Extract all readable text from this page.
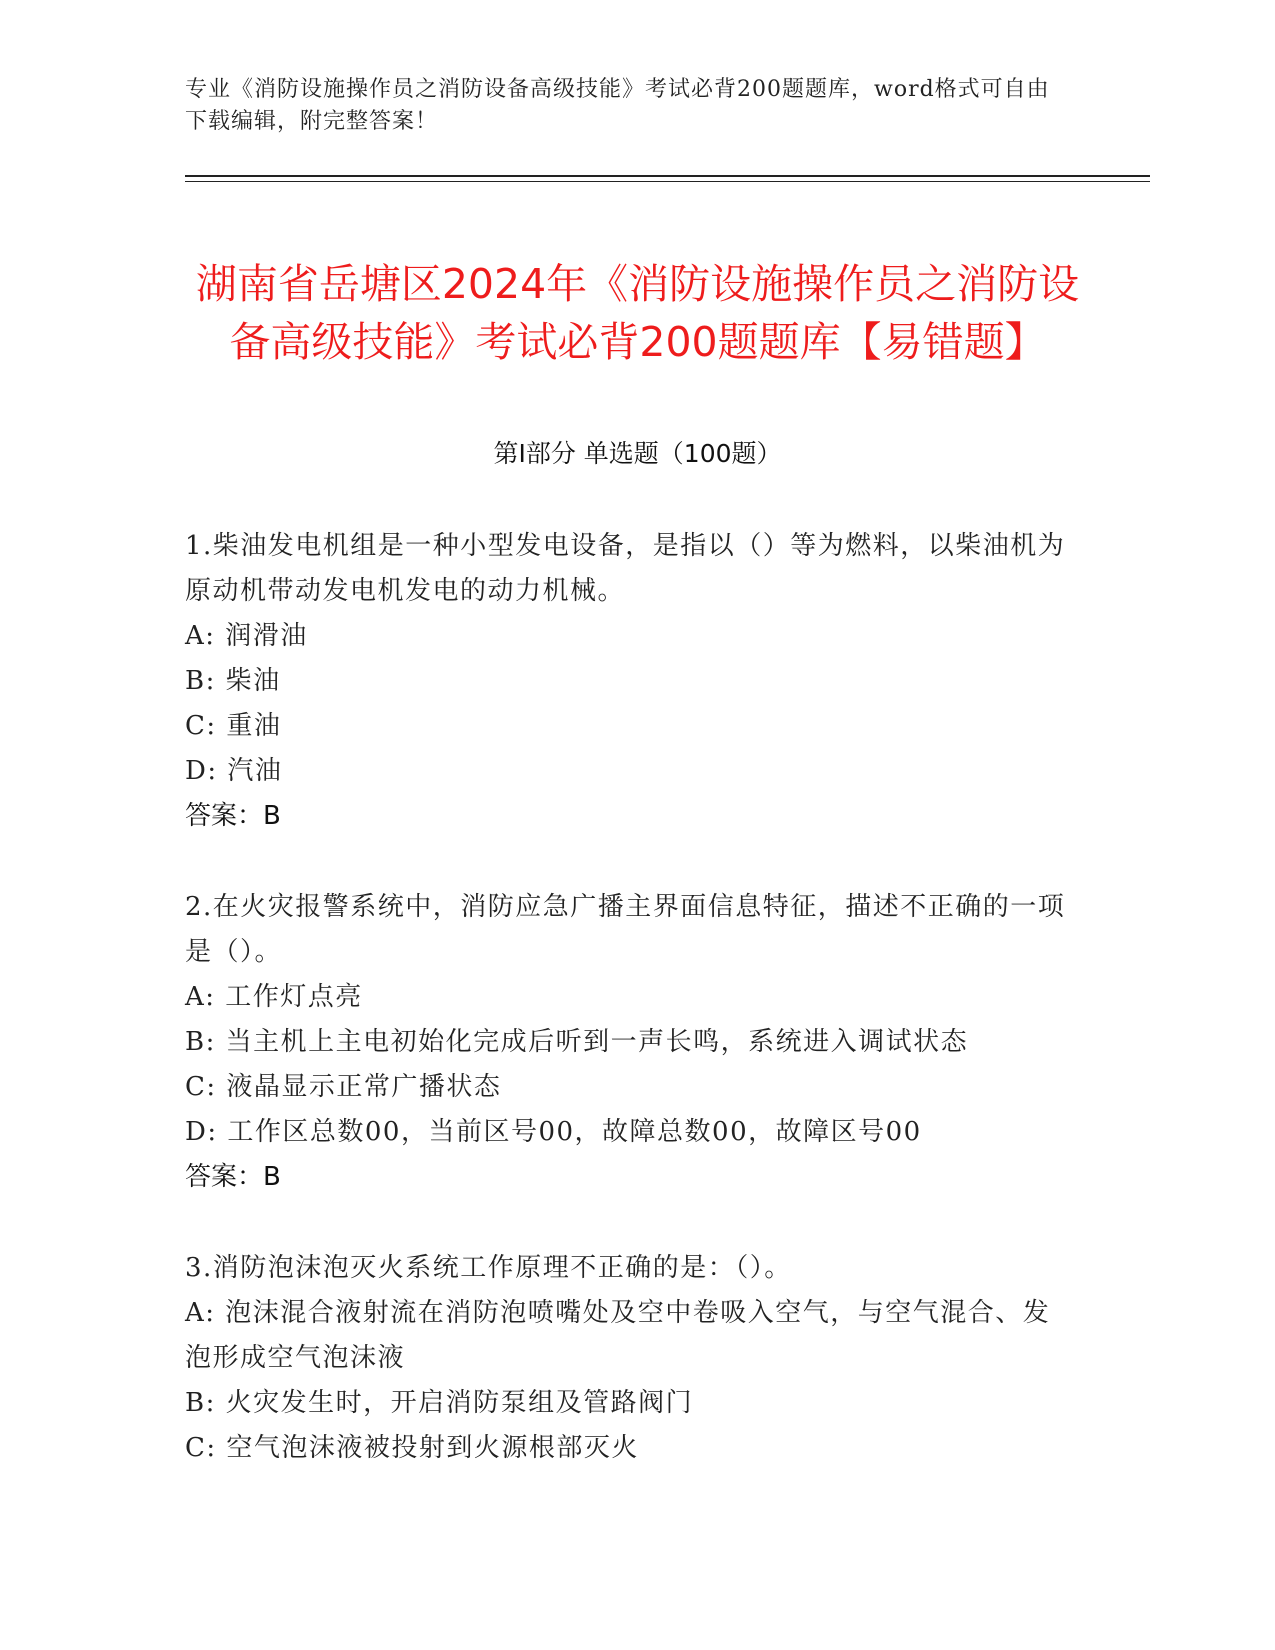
专业《消防设施操作员之消防设备高级技能》考试必背200题题库，word格式可自由下载编辑，附完整答案！
湖南省岳塘区2024年《消防设施操作员之消防设备高级技能》考试必背200题题库【易错题】
第I部分 单选题（100题）

1.柴油发电机组是一种小型发电设备，是指以（）等为燃料，以柴油机为原动机带动发电机发电的动力机械。

A: 润滑油

B: 柴油

C: 重油

D: 汽油

答案：B

2.在火灾报警系统中，消防应急广播主界面信息特征，描述不正确的一项是（）。

A: 工作灯点亮

B: 当主机上主电初始化完成后听到一声长鸣，系统进入调试状态

C: 液晶显示正常广播状态

D: 工作区总数00，当前区号00，故障总数00，故障区号00

答案：B

3.消防泡沫泡灭火系统工作原理不正确的是：（）。

A: 泡沫混合液射流在消防泡喷嘴处及空中卷吸入空气，与空气混合、发泡形成空气泡沫液

B: 火灾发生时，开启消防泵组及管路阀门

C: 空气泡沫液被投射到火源根部灭火
